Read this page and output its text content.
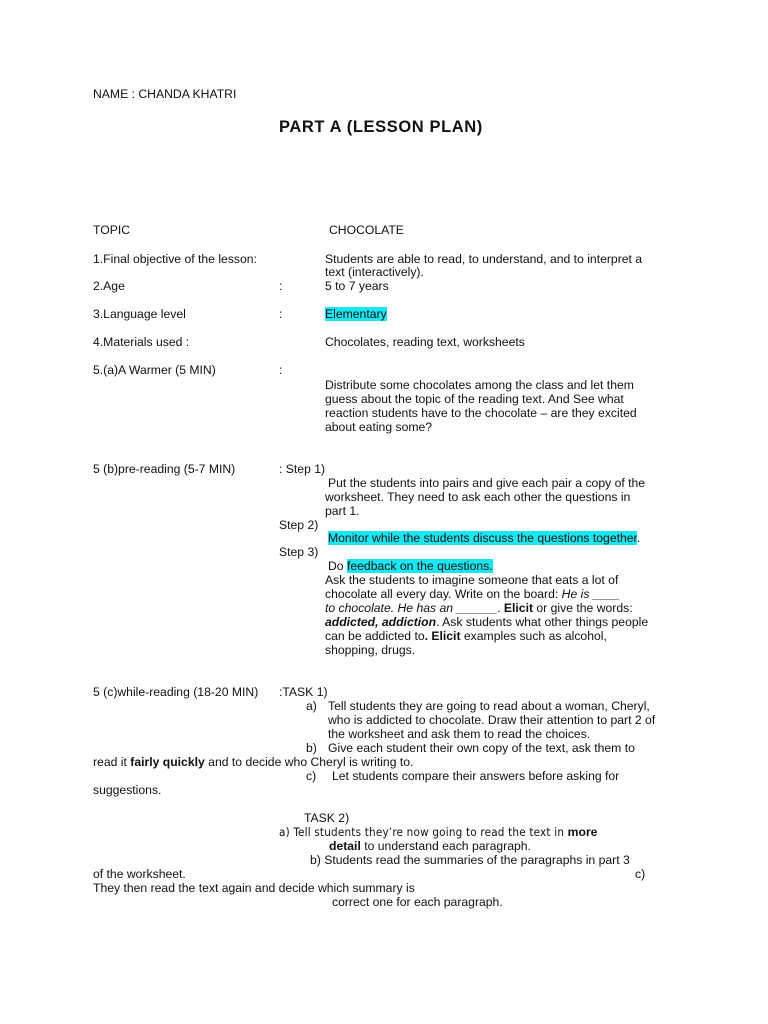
NAME : CHANDA KHATRI
PART A (LESSON PLAN)
TOPIC	CHOCOLATE
1.Final objective of the lesson:	Students are able to read, to understand, and to interpret a
text (interactively).
2.Age	:	5 to 7 years
3.Language level	:	Elementary
4.Materials used :	Chocolates, reading text, worksheets
5.(a)A Warmer (5 MIN)	:
Distribute some chocolates among the class and let them
guess about the topic of the reading text. And See what
reaction students have to the chocolate – are they excited
about eating some?
5 (b)pre-reading (5-7 MIN)	: Step 1)
Put the students into pairs and give each pair a copy of the
worksheet. They need to ask each other the questions in
part 1.
Step 2)
Monitor while the students discuss the questions together.
Step 3)
Do feedback on the questions.
Ask the students to imagine someone that eats a lot of
chocolate all every day. Write on the board: He is ____
to chocolate. He has an ______. Elicit or give the words:
addicted, addiction. Ask students what other things people
can be addicted to. Elicit examples such as alcohol,
shopping, drugs.
5 (c)while-reading (18-20 MIN) :TASK 1)
a) Tell students they are going to read about a woman, Cheryl,
who is addicted to chocolate. Draw their attention to part 2 of
the worksheet and ask them to read the choices.
b) Give each student their own copy of the text, ask them to
read it fairly quickly and to decide who Cheryl is writing to.
c) Let students compare their answers before asking for
suggestions.
TASK 2)
a) Tell students they’re now going to read the text in more
detail to understand each paragraph.
b) Students read the summaries of the paragraphs in part 3
of the worksheet.	c)
They then read the text again and decide which summary is
correct one for each paragraph.
